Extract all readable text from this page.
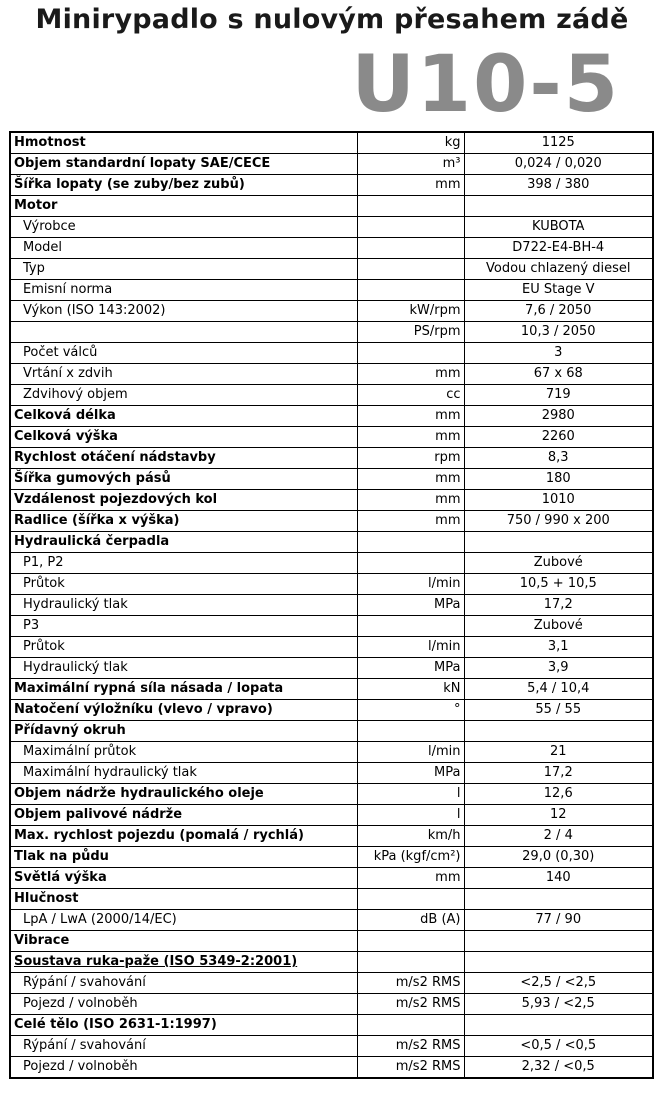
Minirypadlo s nulovým přesahem zádě
U10-5
Hmotnost	kg	1125
Objem standardní lopaty SAE/CECE	m³	0,024 / 0,020
Šířka lopaty (se zuby/bez zubů)	mm	398 / 380
Motor		
Výrobce		KUBOTA
Model		D722-E4-BH-4
Typ		Vodou chlazený diesel
Emisní norma		EU Stage V
Výkon (ISO 143:2002)	kW/rpm	7,6 / 2050
	PS/rpm	10,3 / 2050
Počet válců		3
Vrtání x zdvih	mm	67 x 68
Zdvihový objem	cc	719
Celková délka	mm	2980
Celková výška	mm	2260
Rychlost otáčení nádstavby	rpm	8,3
Šířka gumových pásů	mm	180
Vzdálenost pojezdových kol	mm	1010
Radlice (šířka x výška)	mm	750 / 990 x 200
Hydraulická čerpadla		
P1, P2		Zubové
Průtok	l/min	10,5 + 10,5
Hydraulický tlak	MPa	17,2
P3		Zubové
Průtok	l/min	3,1
Hydraulický tlak	MPa	3,9
Maximální rypná síla násada / lopata	kN	5,4 / 10,4
Natočení výložníku (vlevo / vpravo)	°	55 / 55
Přídavný okruh		
Maximální průtok	l/min	21
Maximální hydraulický tlak	MPa	17,2
Objem nádrže hydraulického oleje	l	12,6
Objem palivové nádrže	l	12
Max. rychlost pojezdu (pomalá / rychlá)	km/h	2 / 4
Tlak na půdu	kPa (kgf/cm²)	29,0 (0,30)
Světlá výška	mm	140
Hlučnost		
LpA / LwA (2000/14/EC)	dB (A)	77 / 90
Vibrace		
Soustava ruka-paže (ISO 5349-2:2001)		
Rýpání / svahování	m/s2 RMS	<2,5 / <2,5
Pojezd / volnoběh	m/s2 RMS	5,93 / <2,5
Celé tělo (ISO 2631-1:1997)		
Rýpání / svahování	m/s2 RMS	<0,5 / <0,5
Pojezd / volnoběh	m/s2 RMS	2,32 / <0,5
